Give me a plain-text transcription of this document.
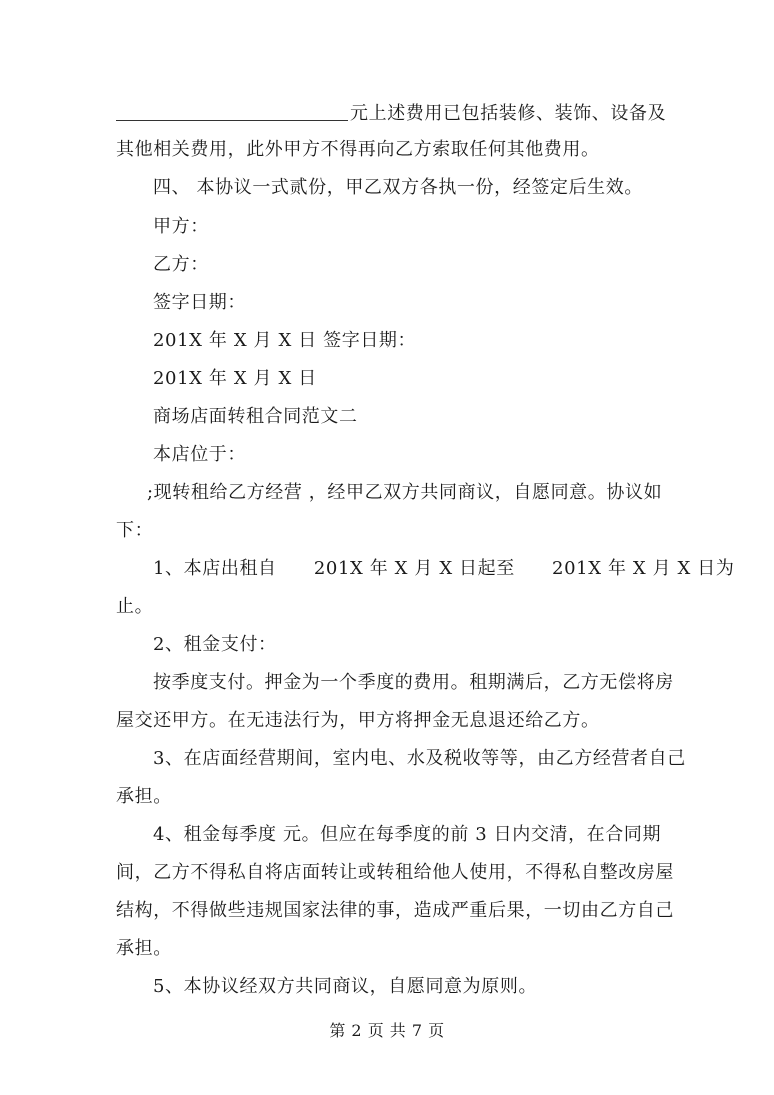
元上述费用已包括装修、装饰、设备及
其他相关费用，此外甲方不得再向乙方索取任何其他费用。
四、 本协议一式贰份，甲乙双方各执一份，经签定后生效。
甲方：
乙方：
签字日期：
201X 年 X 月 X 日 签字日期：
201X 年 X 月 X 日
商场店面转租合同范文二
本店位于：
;现转租给乙方经营 ，经甲乙双方共同商议，自愿同意。协议如
下：
1、本店出租自　　201X 年 X 月 X 日起至　　201X 年 X 月 X 日为
止。
2、租金支付：
按季度支付。押金为一个季度的费用。租期满后，乙方无偿将房
屋交还甲方。在无违法行为，甲方将押金无息退还给乙方。
3、在店面经营期间，室内电、水及税收等等，由乙方经营者自己
承担。
4、租金每季度 元。但应在每季度的前 3 日内交清，在合同期
间，乙方不得私自将店面转让或转租给他人使用，不得私自整改房屋
结构，不得做些违规国家法律的事，造成严重后果，一切由乙方自己
承担。
5、本协议经双方共同商议，自愿同意为原则。
第 2 页 共 7 页
